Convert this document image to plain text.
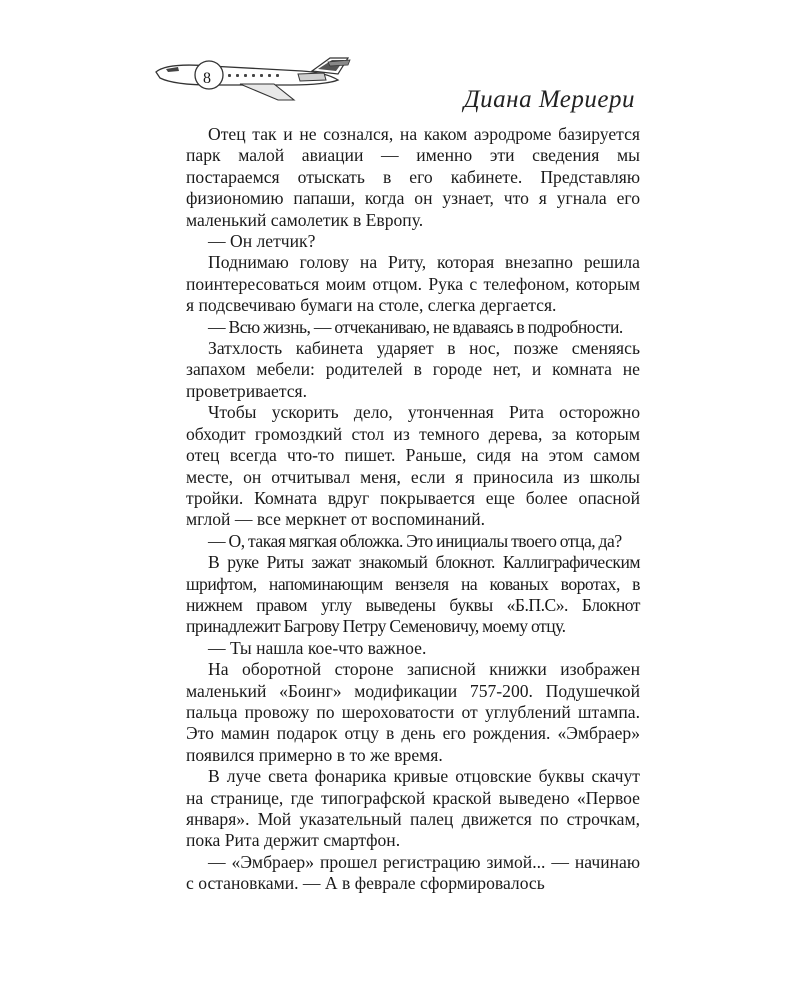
8
Диана Мериери

Отец так и не сознался, на каком аэродроме базируется парк малой авиации — именно эти сведения мы постараемся отыскать в его кабинете. Представляю физиономию папаши, когда он узнает, что я угнала его маленький самолетик в Европу.

— Он летчик?

Поднимаю голову на Риту, которая внезапно решила поинтересоваться моим отцом. Рука с телефоном, которым я подсвечиваю бумаги на столе, слегка дергается.

— Всю жизнь, — отчеканиваю, не вдаваясь в подробности.

Затхлость кабинета ударяет в нос, позже сменяясь запахом мебели: родителей в городе нет, и комната не проветривается.

Чтобы ускорить дело, утонченная Рита осторожно обходит громоздкий стол из темного дерева, за которым отец всегда что-то пишет. Раньше, сидя на этом самом месте, он отчитывал меня, если я приносила из школы тройки. Комната вдруг покрывается еще более опасной мглой — все меркнет от воспоминаний.

— О, такая мягкая обложка. Это инициалы твоего отца, да?

В руке Риты зажат знакомый блокнот. Каллиграфическим шрифтом, напоминающим вензеля на кованых воротах, в нижнем правом углу выведены буквы «Б.П.С». Блокнот принадлежит Багрову Петру Семеновичу, моему отцу.

— Ты нашла кое-что важное.

На оборотной стороне записной книжки изображен маленький «Боинг» модификации 757-200. Подушечкой пальца провожу по шероховатости от углублений штампа. Это мамин подарок отцу в день его рождения. «Эмбраер» появился примерно в то же время.

В луче света фонарика кривые отцовские буквы скачут на странице, где типографской краской выведено «Первое января». Мой указательный палец движется по строчкам, пока Рита держит смартфон.

— «Эмбраер» прошел регистрацию зимой... — начинаю с остановками. — А в феврале сформировалось
